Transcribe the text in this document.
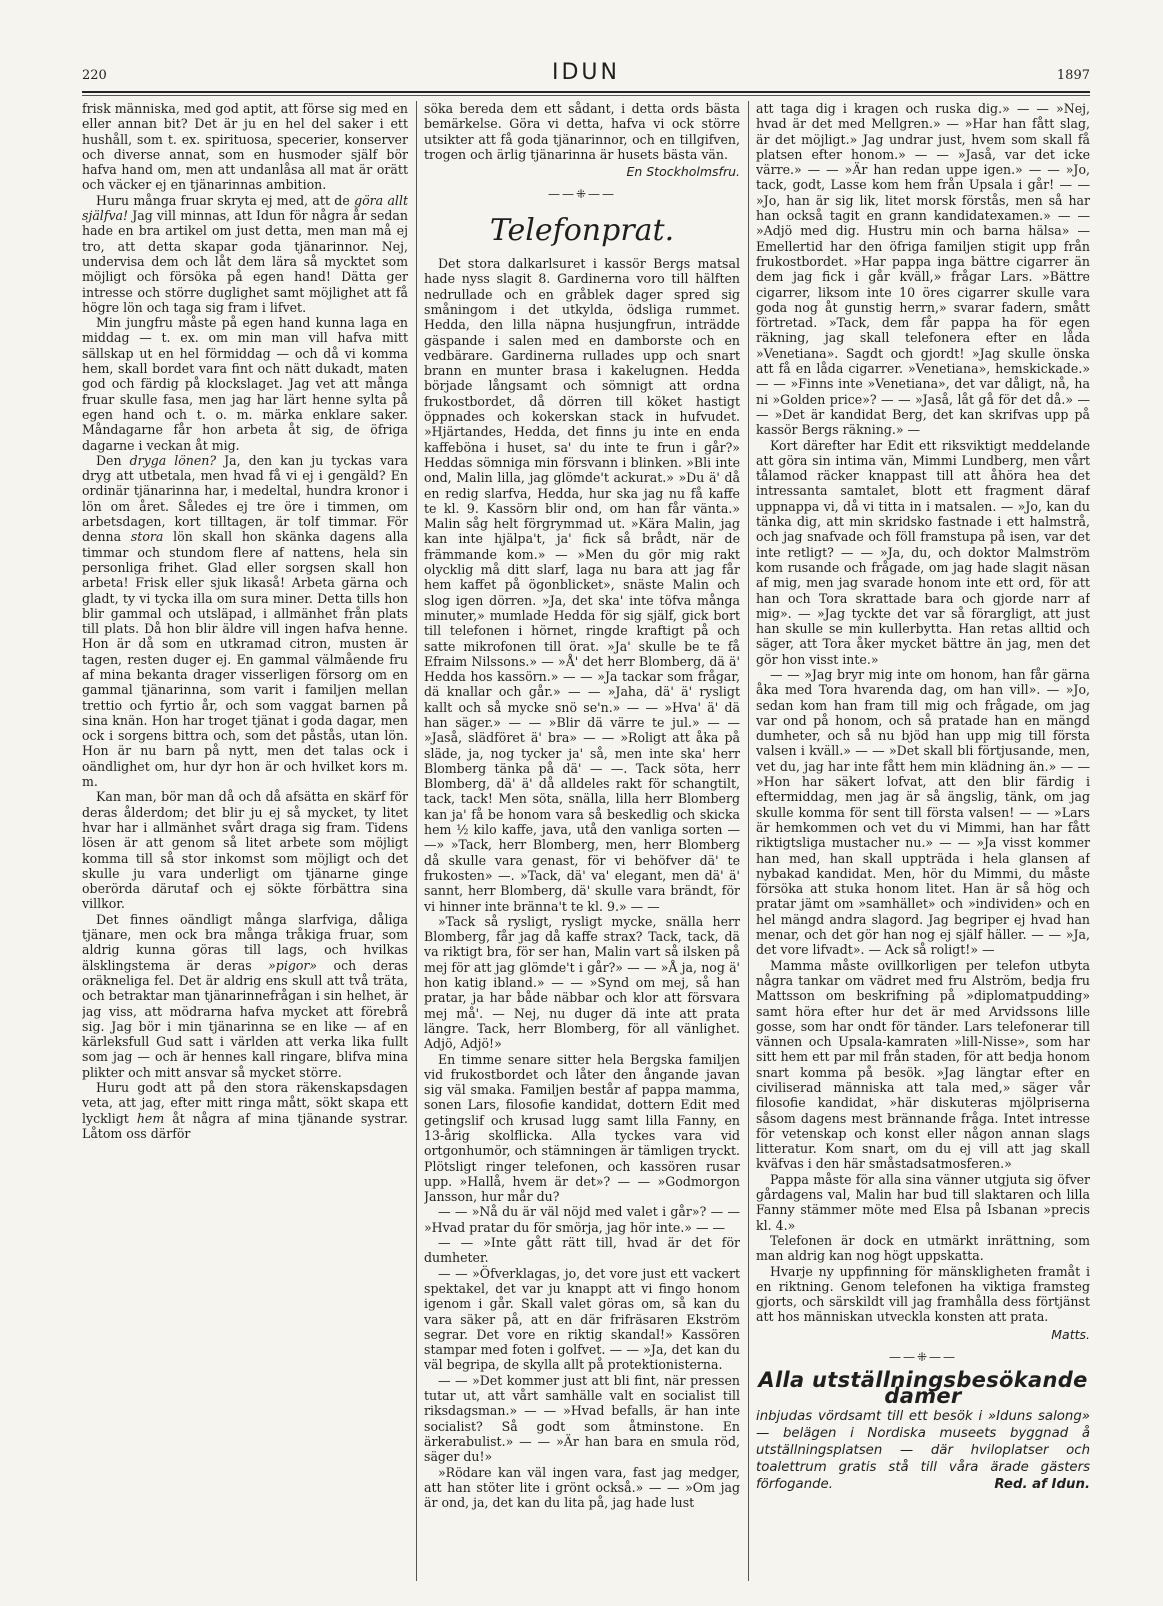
220	IDUN	1897

frisk människa, med god aptit, att förse sig med en eller annan bit? Det är ju en hel del saker i ett hushåll, som t. ex. spirituosa, specerier, konserver och diverse annat, som en husmoder själf bör hafva hand om, men att undanlåsa all mat är orätt och väcker ej en tjänarinnas ambition.

Huru många fruar skryta ej med, att de göra allt själfva! Jag vill minnas, att Idun för några år sedan hade en bra artikel om just detta, men man må ej tro, att detta skapar goda tjänarinnor. Nej, undervisa dem och låt dem lära så mycktet som möjligt och försöka på egen hand! Dätta ger intresse och större duglighet samt möjlighet att få högre lön och taga sig fram i lifvet.

Min jungfru måste på egen hand kunna laga en middag — t. ex. om min man vill hafva mitt sällskap ut en hel förmiddag — och då vi komma hem, skall bordet vara fint och nätt dukadt, maten god och färdig på klockslaget. Jag vet att många fruar skulle fasa, men jag har lärt henne sylta på egen hand och t. o. m. märka enklare saker. Måndagarne får hon arbeta åt sig, de öfriga dagarne i veckan åt mig.

Den dryga lönen? Ja, den kan ju tyckas vara dryg att utbetala, men hvad få vi ej i gengäld? En ordinär tjänarinna har, i medeltal, hundra kronor i lön om året. Således ej tre öre i timmen, om arbetsdagen, kort tilltagen, är tolf timmar. För denna stora lön skall hon skänka dagens alla timmar och stundom flere af nattens, hela sin personliga frihet. Glad eller sorgsen skall hon arbeta! Frisk eller sjuk likaså! Arbeta gärna och gladt, ty vi tycka illa om sura miner. Detta tills hon blir gammal och utsläpad, i allmänhet från plats till plats. Då hon blir äldre vill ingen hafva henne. Hon är då som en utkramad citron, musten är tagen, resten duger ej. En gammal välmående fru af mina bekanta drager visserligen försorg om en gammal tjänarinna, som varit i familjen mellan trettio och fyrtio år, och som vaggat barnen på sina knän. Hon har troget tjänat i goda dagar, men ock i sorgens bittra och, som det påstås, utan lön. Hon är nu barn på nytt, men det talas ock i oändlighet om, hur dyr hon är och hvilket kors m. m.

Kan man, bör man då och då afsätta en skärf för deras ålderdom; det blir ju ej så mycket, ty litet hvar har i allmänhet svårt draga sig fram. Tidens lösen är att genom så litet arbete som möjligt komma till så stor inkomst som möjligt och det skulle ju vara underligt om tjänarne ginge oberörda därutaf och ej sökte förbättra sina villkor.

Det finnes oändligt många slarfviga, dåliga tjänare, men ock bra många tråkiga fruar, som aldrig kunna göras till lags, och hvilkas älsklingstema är deras »pigor» och deras oräkneliga fel. Det är aldrig ens skull att två träta, och betraktar man tjänarinnefrågan i sin helhet, är jag viss, att mödrarna hafva mycket att förebrå sig. Jag bör i min tjänarinna se en like — af en kärleksfull Gud satt i världen att verka lika fullt som jag — och är hennes kall ringare, blifva mina plikter och mitt ansvar så mycket större.

Huru godt att på den stora räkenskapsdagen veta, att jag, efter mitt ringa mått, sökt skapa ett lyckligt hem åt några af mina tjänande systrar. Låtom oss därför

söka bereda dem ett sådant, i detta ords bästa bemärkelse. Göra vi detta, hafva vi ock större utsikter att få goda tjänarinnor, och en tillgifven, trogen och ärlig tjänarinna är husets bästa vän.

En Stockholmsfru.
——⁜——
Telefonprat.

Det stora dalkarlsuret i kassör Bergs matsal hade nyss slagit 8. Gardinerna voro till hälften nedrullade och en gråblek dager spred sig småningom i det utkylda, ödsliga rummet. Hedda, den lilla näpna husjungfrun, inträdde gäspande i salen med en damborste och en vedbärare. Gardinerna rullades upp och snart brann en munter brasa i kakelugnen. Hedda började långsamt och sömnigt att ordna frukostbordet, då dörren till köket hastigt öppnades och kokerskan stack in hufvudet. »Hjärtandes, Hedda, det finns ju inte en enda kaffeböna i huset, sa' du inte te frun i går?» Heddas sömniga min försvann i blinken. »Bli inte ond, Malin lilla, jag glömde't ackurat.» »Du ä' då en redig slarfva, Hedda, hur ska jag nu få kaffe te kl. 9. Kassörn blir ond, om han får vänta.» Malin såg helt förgrymmad ut. »Kära Malin, jag kan inte hjälpa't, ja' fick så brådt, när de främmande kom.» — »Men du gör mig rakt olycklig må ditt slarf, laga nu bara att jag får hem kaffet på ögonblicket», snäste Malin och slog igen dörren. »Ja, det ska' inte töfva många minuter,» mumlade Hedda för sig själf, gick bort till telefonen i hörnet, ringde kraftigt på och satte mikrofonen till örat. »Ja' skulle be te få Efraim Nilssons.» — »Å' det herr Blomberg, dä ä' Hedda hos kassörn.» — — »Ja tackar som frågar, dä knallar och går.» — — »Jaha, dä' ä' rysligt kallt och så mycke snö se'n.» — — »Hva' ä' dä han säger.» — — »Blir dä värre te jul.» — — »Jaså, slädföret ä' bra» — — »Roligt att åka på släde, ja, nog tycker ja' så, men inte ska' herr Blomberg tänka på dä' — —. Tack söta, herr Blomberg, dä' ä' då alldeles rakt för schangtilt, tack, tack! Men söta, snälla, lilla herr Blomberg kan ja' få be honom vara så beskedlig och skicka hem ½ kilo kaffe, java, utå den vanliga sorten — —» »Tack, herr Blomberg, men, herr Blomberg då skulle vara genast, för vi behöfver dä' te frukosten» —. »Tack, dä' va' elegant, men dä' ä' sannt, herr Blomberg, dä' skulle vara brändt, för vi hinner inte bränna't te kl. 9.» — —

»Tack så rysligt, rysligt mycke, snälla herr Blomberg, får jag då kaffe strax? Tack, tack, dä va riktigt bra, för ser han, Malin vart så ilsken på mej för att jag glömde't i går?» — — »Å ja, nog ä' hon katig ibland.» — — »Synd om mej, så han pratar, ja har både näbbar och klor att försvara mej må'. — Nej, nu duger dä inte att prata längre. Tack, herr Blomberg, för all vänlighet. Adjö, Adjö!»

En timme senare sitter hela Bergska familjen vid frukostbordet och låter den ångande javan sig väl smaka. Familjen består af pappa mamma, sonen Lars, filosofie kandidat, dottern Edit med getingslif och krusad lugg samt lilla Fanny, en 13-årig skolflicka. Alla tyckes vara vid ortgonhumör, och stämningen är tämligen tryckt. Plötsligt ringer telefonen, och kassören rusar upp. »Hallå, hvem är det»? — — »Godmorgon Jansson, hur mår du?

— — »Nå du är väl nöjd med valet i går»? — — »Hvad pratar du för smörja, jag hör inte.» — —

— — »Inte gått rätt till, hvad är det för dumheter.

— — »Öfverklagas, jo, det vore just ett vackert spektakel, det var ju knappt att vi fingo honom igenom i går. Skall valet göras om, så kan du vara säker på, att en där frifräsaren Ekström segrar. Det vore en riktig skandal!» Kassören stampar med foten i golfvet. — — »Ja, det kan du väl begripa, de skylla allt på protektionisterna.

— — »Det kommer just att bli fint, när pressen tutar ut, att vårt samhälle valt en socialist till riksdagsman.» — — »Hvad befalls, är han inte socialist? Så godt som åtminstone. En ärkerabulist.» — — »Är han bara en smula röd, säger du!»

»Rödare kan väl ingen vara, fast jag medger, att han stöter lite i grönt också.» — — »Om jag är ond, ja, det kan du lita på, jag hade lust

att taga dig i kragen och ruska dig.» — — »Nej, hvad är det med Mellgren.» — »Har han fått slag, är det möjligt.» Jag undrar just, hvem som skall få platsen efter honom.» — — »Jaså, var det icke värre.» — — »Är han redan uppe igen.» — — »Jo, tack, godt, Lasse kom hem från Upsala i går! — — »Jo, han är sig lik, litet morsk förstås, men så har han också tagit en grann kandidatexamen.» — — »Adjö med dig. Hustru min och barna hälsa» — Emellertid har den öfriga familjen stigit upp från frukostbordet. »Har pappa inga bättre cigarrer än dem jag fick i går kväll,» frågar Lars. »Bättre cigarrer, liksom inte 10 öres cigarrer skulle vara goda nog åt gunstig herrn,» svarar fadern, smått förtretad. »Tack, dem får pappa ha för egen räkning, jag skall telefonera efter en låda »Venetiana». Sagdt och gjordt! »Jag skulle önska att få en låda cigarrer. »Venetiana», hemskickade.» — — »Finns inte »Venetiana», det var dåligt, nå, ha ni »Golden price»? — — »Jaså, låt gå för det då.» — — »Det är kandidat Berg, det kan skrifvas upp på kassör Bergs räkning.» —

Kort därefter har Edit ett riksviktigt meddelande att göra sin intima vän, Mimmi Lundberg, men vårt tålamod räcker knappast till att åhöra hea det intressanta samtalet, blott ett fragment däraf uppnappa vi, då vi titta in i matsalen. — »Jo, kan du tänka dig, att min skridsko fastnade i ett halmstrå, och jag snafvade och föll framstupa på isen, var det inte retligt? — — »Ja, du, och doktor Malmström kom rusande och frågade, om jag hade slagit näsan af mig, men jag svarade honom inte ett ord, för att han och Tora skrattade bara och gjorde narr af mig». — »Jag tyckte det var så förargligt, att just han skulle se min kullerbytta. Han retas alltid och säger, att Tora åker mycket bättre än jag, men det gör hon visst inte.»

— — »Jag bryr mig inte om honom, han får gärna åka med Tora hvarenda dag, om han vill». — »Jo, sedan kom han fram till mig och frågade, om jag var ond på honom, och så pratade han en mängd dumheter, och så nu bjöd han upp mig till första valsen i kväll.» — — »Det skall bli förtjusande, men, vet du, jag har inte fått hem min klädning än.» — — »Hon har säkert lofvat, att den blir färdig i eftermiddag, men jag är så ängslig, tänk, om jag skulle komma för sent till första valsen! — — »Lars är hemkommen och vet du vi Mimmi, han har fått riktigtsliga mustacher nu.» — — »Ja visst kommer han med, han skall uppträda i hela glansen af nybakad kandidat. Men, hör du Mimmi, du måste försöka att stuka honom litet. Han är så hög och pratar jämt om »samhället» och »individen» och en hel mängd andra slagord. Jag begriper ej hvad han menar, och det gör han nog ej själf häller. — — »Ja, det vore lifvadt». — Ack så roligt!» —

Mamma måste ovillkorligen per telefon utbyta några tankar om vädret med fru Alström, bedja fru Mattsson om beskrifning på »diplomatpudding» samt höra efter hur det är med Arvidssons lille gosse, som har ondt för tänder. Lars telefonerar till vännen och Upsala-kamraten »lill-Nisse», som har sitt hem ett par mil från staden, för att bedja honom snart komma på besök. »Jag längtar efter en civiliserad människa att tala med,» säger vår filosofie kandidat, »här diskuteras mjölpriserna såsom dagens mest brännande fråga. Intet intresse för vetenskap och konst eller någon annan slags litteratur. Kom snart, om du ej vill att jag skall kväfvas i den här småstadsatmosferen.»

Pappa måste för alla sina vänner utgjuta sig öfver gårdagens val, Malin har bud till slaktaren och lilla Fanny stämmer möte med Elsa på Isbanan »precis kl. 4.»

Telefonen är dock en utmärkt inrättning, som man aldrig kan nog högt uppskatta.

Hvarje ny uppfinning för mänskligheten framåt i en riktning. Genom telefonen ha viktiga framsteg gjorts, och särskildt vill jag framhålla dess förtjänst att hos människan utveckla konsten att prata.

Matts.
——⁜——
Alla utställningsbesökande damer
inbjudas vördsamt till ett besök i »Iduns salong» — belägen i Nordiska museets byggnad å utställningsplatsen — där hviloplatser och toalettrum gratis stå till våra ärade gästers förfogande.	Red. af Idun.
